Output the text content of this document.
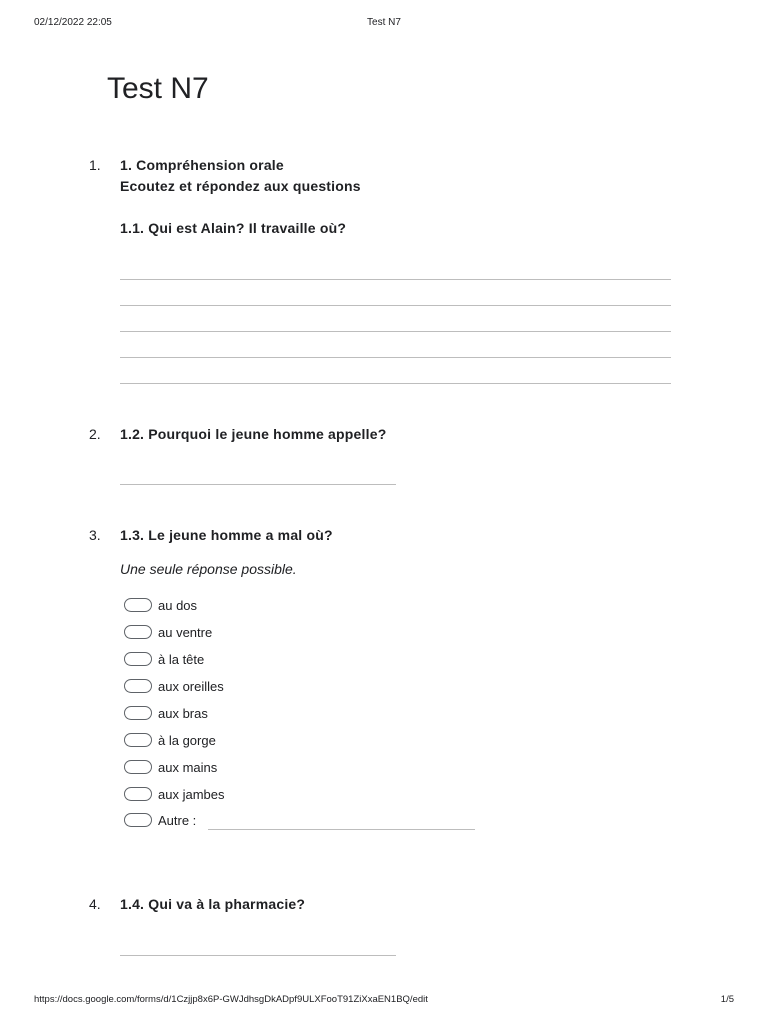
02/12/2022 22:05	Test N7
Test N7
1. 1. Compréhension orale
Ecoutez et répondez aux questions
1.1. Qui est Alain? Il travaille où?
2. 1.2. Pourquoi le jeune homme appelle?
3. 1.3. Le jeune homme a mal où?
Une seule réponse possible.
au dos
au ventre
à la tête
aux oreilles
aux bras
à la gorge
aux mains
aux jambes
Autre :
4. 1.4. Qui va à la pharmacie?
https://docs.google.com/forms/d/1Czjjp8x6P-GWJdhsgDkADpf9ULXFooT91ZiXxaEN1BQ/edit	1/5
